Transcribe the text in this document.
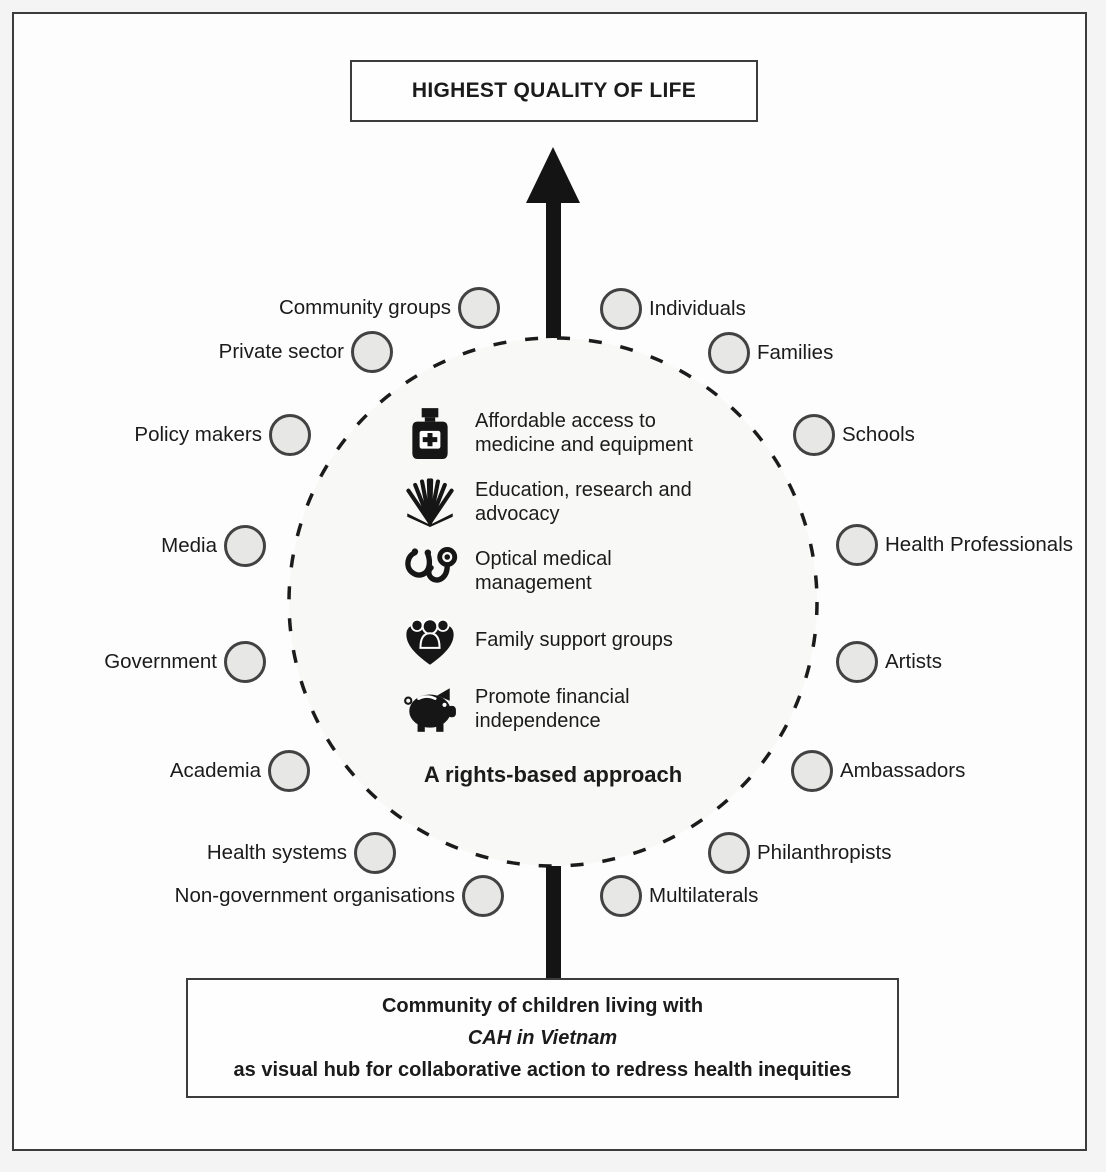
HIGHEST QUALITY OF LIFE
Affordable access to
medicine and equipment
Education, research and
advocacy
Optical medical
management
Family support groups
Promote financial
independence
A rights-based approach
Community groups
Private sector
Policy makers
Media
Government
Academia
Health systems
Non-government organisations
Individuals
Families
Schools
Health Professionals
Artists
Ambassadors
Philanthropists
Multilaterals
Community of children living with
CAH in Vietnam
as visual hub for collaborative action to redress health inequities
